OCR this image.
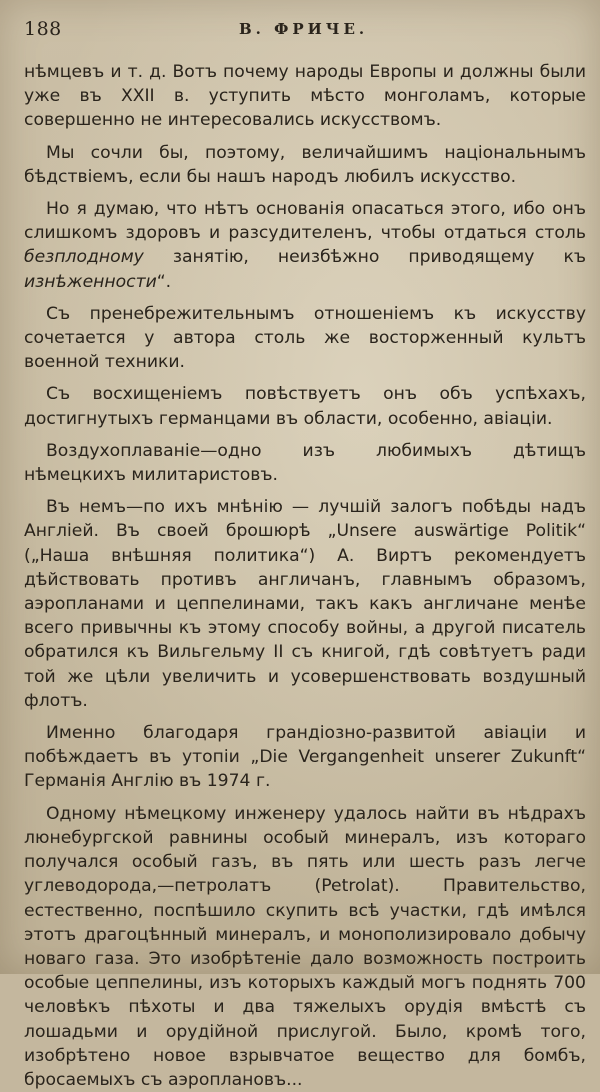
188	В. ФРИЧЕ.

нѣмцевъ и т. д. Вотъ почему народы Европы и должны были уже въ XXII в. уступить мѣсто монголамъ, которые совершенно не интересовались искусствомъ.

Мы сочли бы, поэтому, величайшимъ національнымъ бѣдствіемъ, если бы нашъ народъ любилъ искусство.

Но я думаю, что нѣтъ основанія опасаться этого, ибо онъ слишкомъ здоровъ и разсудителенъ, чтобы отдаться столь безплодному занятію, неизбѣжно приводящему къ изнѣженности“.

Съ пренебрежительнымъ отношеніемъ къ искусству сочетается у автора столь же восторженный культъ военной техники.

Съ восхищеніемъ повѣствуетъ онъ объ успѣхахъ, достигнутыхъ германцами въ области, особенно, авіаціи.

Воздухоплаваніе—одно изъ любимыхъ дѣтищъ нѣмецкихъ милитаристовъ.

Въ немъ—по ихъ мнѣнію — лучшій залогъ побѣды надъ Англіей. Въ своей брошюрѣ „Unsere auswärtige Politik“ („Наша внѣшняя политика“) А. Виртъ рекомендуетъ дѣйствовать противъ англичанъ, главнымъ образомъ, аэропланами и цеппелинами, такъ какъ англичане менѣе всего привычны къ этому способу войны, а другой писатель обратился къ Вильгельму II съ книгой, гдѣ совѣтуетъ ради той же цѣли увеличить и усовершенствовать воздушный флотъ.

Именно благодаря грандіозно-развитой авіаціи и побѣждаетъ въ утопіи „Die Vergangenheit unserer Zukunft“ Германія Англію въ 1974 г.

Одному нѣмецкому инженеру удалось найти въ нѣдрахъ люнебургской равнины особый минералъ, изъ котораго получался особый газъ, въ пять или шесть разъ легче углеводорода,—петролатъ (Petrolat). Правительство, естественно, поспѣшило скупить всѣ участки, гдѣ имѣлся этотъ драгоцѣнный минералъ, и монополизировало добычу новаго газа. Это изобрѣтеніе дало возможность построить особые цеппелины, изъ которыхъ каждый могъ поднять 700 человѣкъ пѣхоты и два тяжелыхъ орудія вмѣстѣ съ лошадьми и орудійной прислугой. Было, кромѣ того, изобрѣтено новое взрывчатое вещество для бомбъ, бросаемыхъ съ аэроплановъ...
